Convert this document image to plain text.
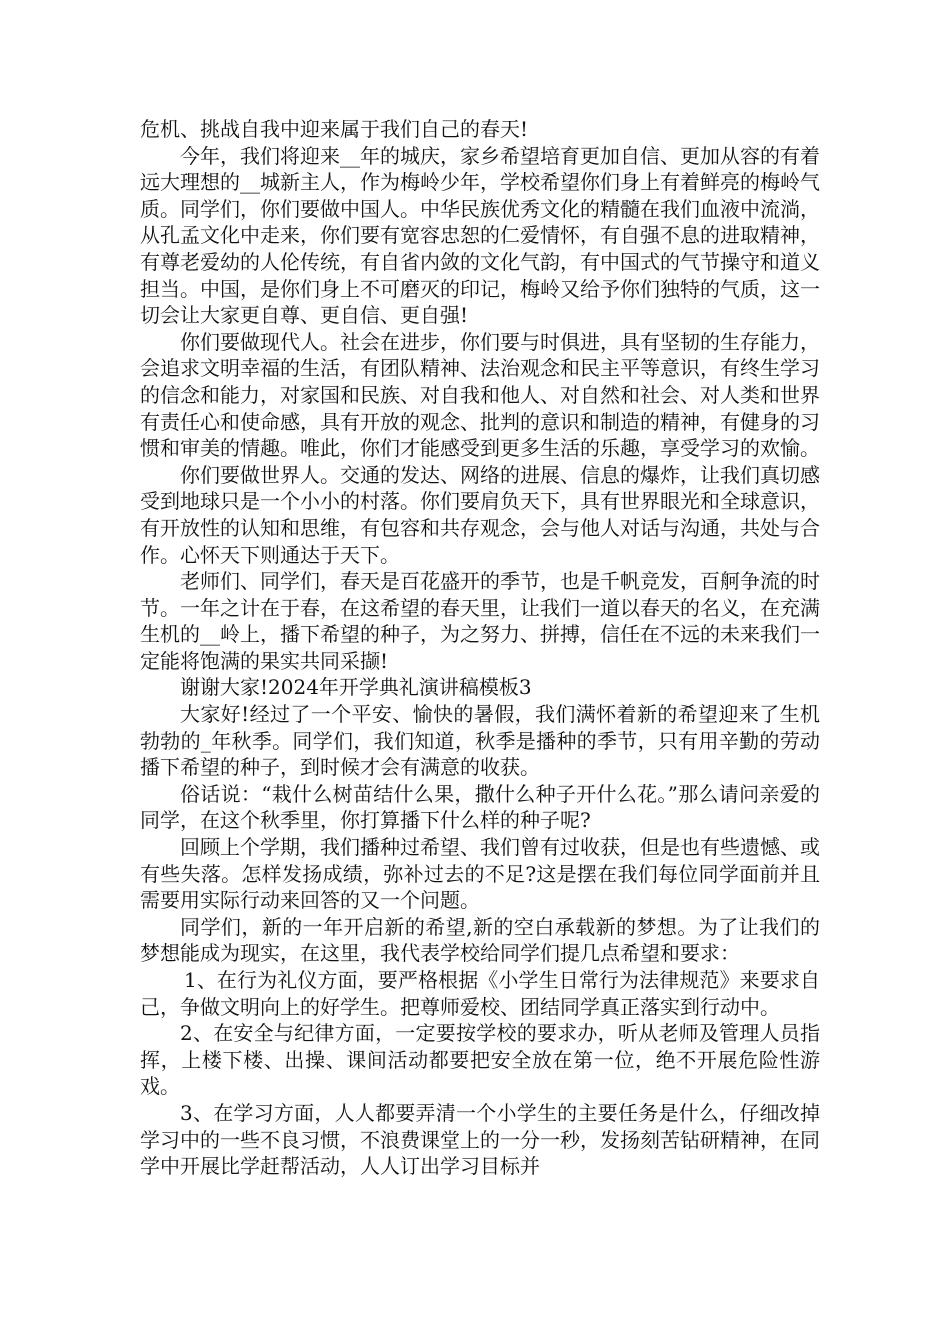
危机、挑战自我中迎来属于我们自己的春天!

今年，我们将迎来__年的城庆，家乡希望培育更加自信、更加从容的有着远大理想的__城新主人，作为梅岭少年，学校希望你们身上有着鲜亮的梅岭气质。同学们，你们要做中国人。中华民族优秀文化的精髓在我们血液中流淌，从孔孟文化中走来，你们要有宽容忠恕的仁爱情怀，有自强不息的进取精神，有尊老爱幼的人伦传统，有自省内敛的文化气韵，有中国式的气节操守和道义担当。中国，是你们身上不可磨灭的印记，梅岭又给予你们独特的气质，这一切会让大家更自尊、更自信、更自强!

你们要做现代人。社会在进步，你们要与时俱进，具有坚韧的生存能力，会追求文明幸福的生活，有团队精神、法治观念和民主平等意识，有终生学习的信念和能力，对家国和民族、对自我和他人、对自然和社会、对人类和世界有责任心和使命感，具有开放的观念、批判的意识和制造的精神，有健身的习惯和审美的情趣。唯此，你们才能感受到更多生活的乐趣，享受学习的欢愉。

你们要做世界人。交通的发达、网络的进展、信息的爆炸，让我们真切感受到地球只是一个小小的村落。你们要肩负天下，具有世界眼光和全球意识，有开放性的认知和思维，有包容和共存观念，会与他人对话与沟通，共处与合作。心怀天下则通达于天下。

老师们、同学们，春天是百花盛开的季节，也是千帆竞发，百舸争流的时节。一年之计在于春，在这希望的春天里，让我们一道以春天的名义，在充满生机的__岭上，播下希望的种子，为之努力、拼搏，信任在不远的未来我们一定能将饱满的果实共同采撷!

谢谢大家!2024年开学典礼演讲稿模板3

大家好!经过了一个平安、愉快的暑假，我们满怀着新的希望迎来了生机勃勃的_年秋季。同学们，我们知道，秋季是播种的季节，只有用辛勤的劳动播下希望的种子，到时候才会有满意的收获。

俗话说：“栽什么树苗结什么果，撒什么种子开什么花。”那么请问亲爱的同学，在这个秋季里，你打算播下什么样的种子呢?

回顾上个学期，我们播种过希望、我们曾有过收获，但是也有些遗憾、或有些失落。怎样发扬成绩，弥补过去的不足?这是摆在我们每位同学面前并且需要用实际行动来回答的又一个问题。

同学们，新的一年开启新的希望,新的空白承载新的梦想。为了让我们的梦想能成为现实，在这里，我代表学校给同学们提几点希望和要求：

1、在行为礼仪方面，要严格根据《小学生日常行为法律规范》来要求自己，争做文明向上的好学生。把尊师爱校、团结同学真正落实到行动中。

2、在安全与纪律方面，一定要按学校的要求办，听从老师及管理人员指挥，上楼下楼、出操、课间活动都要把安全放在第一位，绝不开展危险性游戏。

3、在学习方面，人人都要弄清一个小学生的主要任务是什么，仔细改掉学习中的一些不良习惯，不浪费课堂上的一分一秒，发扬刻苦钻研精神，在同学中开展比学赶帮活动，人人订出学习目标并
